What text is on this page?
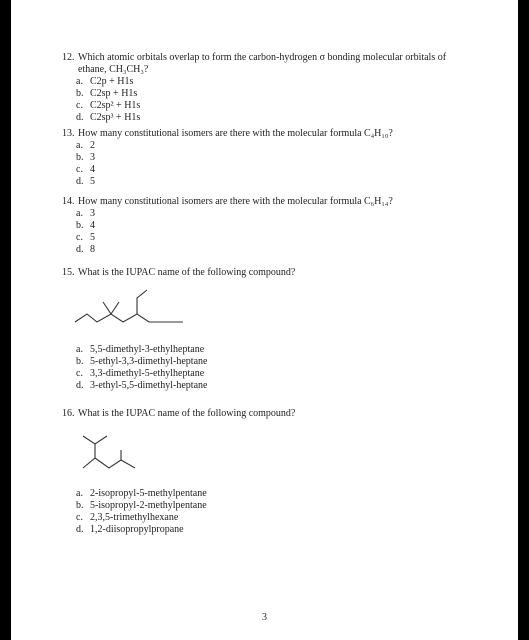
12. Which atomic orbitals overlap to form the carbon-hydrogen σ bonding molecular orbitals of ethane, CH₃CH₃?
a. C2p + H1s
b. C2sp + H1s
c. C2sp² + H1s
d. C2sp³ + H1s
13. How many constitutional isomers are there with the molecular formula C₄H₁₀?
a. 2
b. 3
c. 4
d. 5
14. How many constitutional isomers are there with the molecular formula C₆H₁₄?
a. 3
b. 4
c. 5
d. 8
15. What is the IUPAC name of the following compound?
a. 5,5-dimethyl-3-ethylheptane
b. 5-ethyl-3,3-dimethyl-heptane
c. 3,3-dimethyl-5-ethylheptane
d. 3-ethyl-5,5-dimethyl-heptane
16. What is the IUPAC name of the following compound?
a. 2-isopropyl-5-methylpentane
b. 5-isopropyl-2-methylpentane
c. 2,3,5-trimethylhexane
d. 1,2-diisopropylpropane
3
